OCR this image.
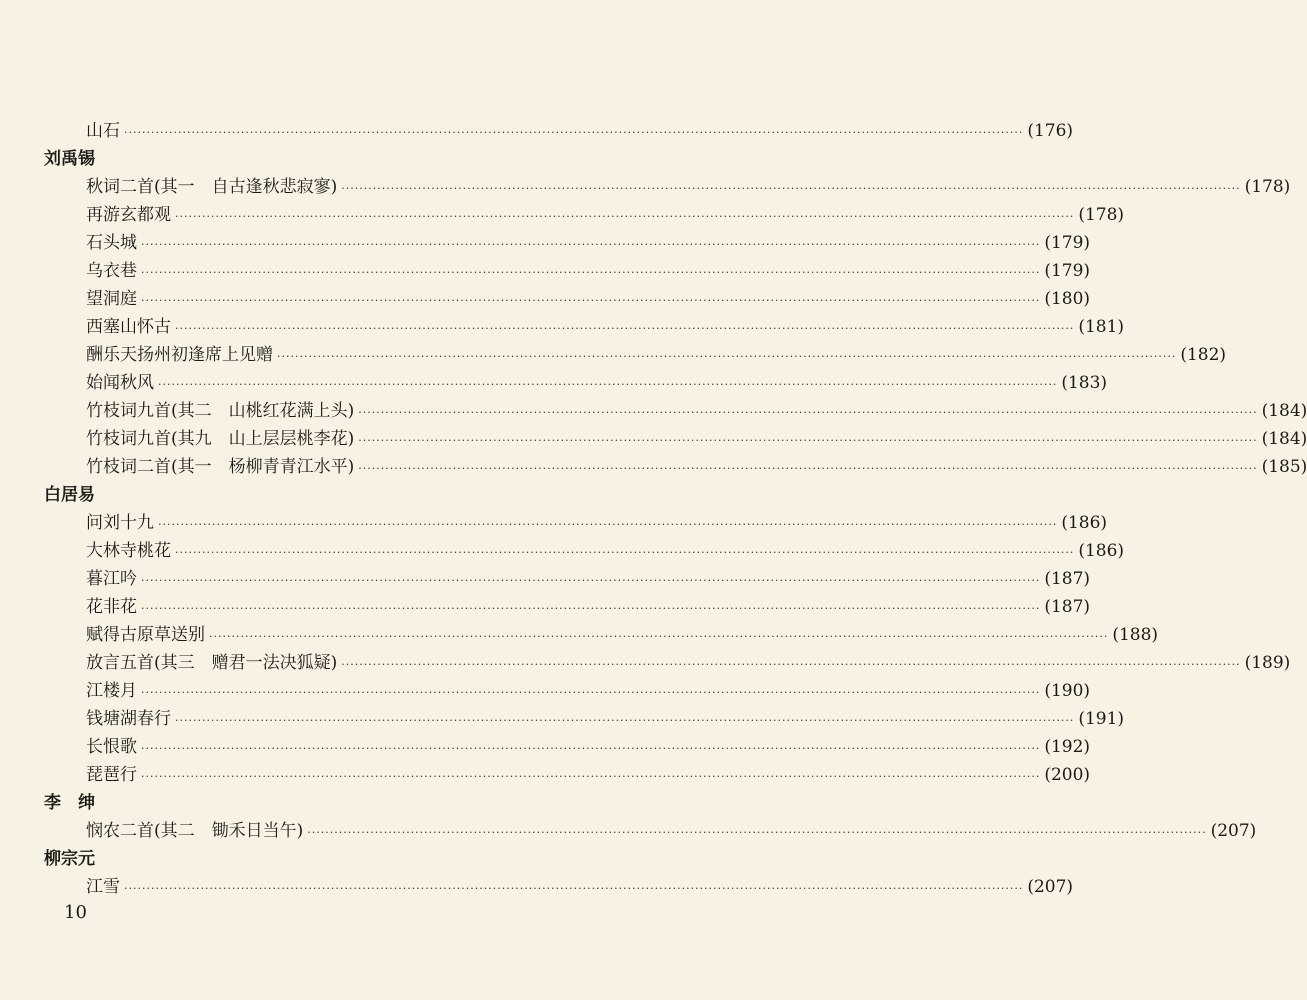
山石 ········································································································································································································ (176)
刘禹锡
秋词二首(其一　自古逢秋悲寂寥) ········································································································································································································ (178)
再游玄都观 ········································································································································································································ (178)
石头城 ········································································································································································································ (179)
乌衣巷 ········································································································································································································ (179)
望洞庭 ········································································································································································································ (180)
西塞山怀古 ········································································································································································································ (181)
酬乐天扬州初逢席上见赠 ········································································································································································································ (182)
始闻秋风 ········································································································································································································ (183)
竹枝词九首(其二　山桃红花满上头) ········································································································································································································ (184)
竹枝词九首(其九　山上层层桃李花) ········································································································································································································ (184)
竹枝词二首(其一　杨柳青青江水平) ········································································································································································································ (185)
白居易
问刘十九 ········································································································································································································ (186)
大林寺桃花 ········································································································································································································ (186)
暮江吟 ········································································································································································································ (187)
花非花 ········································································································································································································ (187)
赋得古原草送别 ········································································································································································································ (188)
放言五首(其三　赠君一法决狐疑) ········································································································································································································ (189)
江楼月 ········································································································································································································ (190)
钱塘湖春行 ········································································································································································································ (191)
长恨歌 ········································································································································································································ (192)
琵琶行 ········································································································································································································ (200)
李　绅
悯农二首(其二　锄禾日当午) ········································································································································································································ (207)
柳宗元
江雪 ········································································································································································································ (207)
10
